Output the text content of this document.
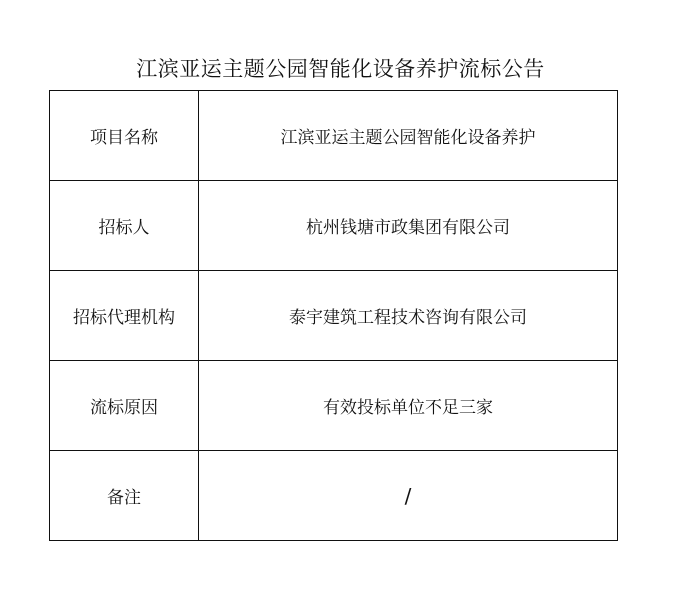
江滨亚运主题公园智能化设备养护流标公告
项目名称	江滨亚运主题公园智能化设备养护
招标人	杭州钱塘市政集团有限公司
招标代理机构	泰宇建筑工程技术咨询有限公司
流标原因	有效投标单位不足三家
备注	/
